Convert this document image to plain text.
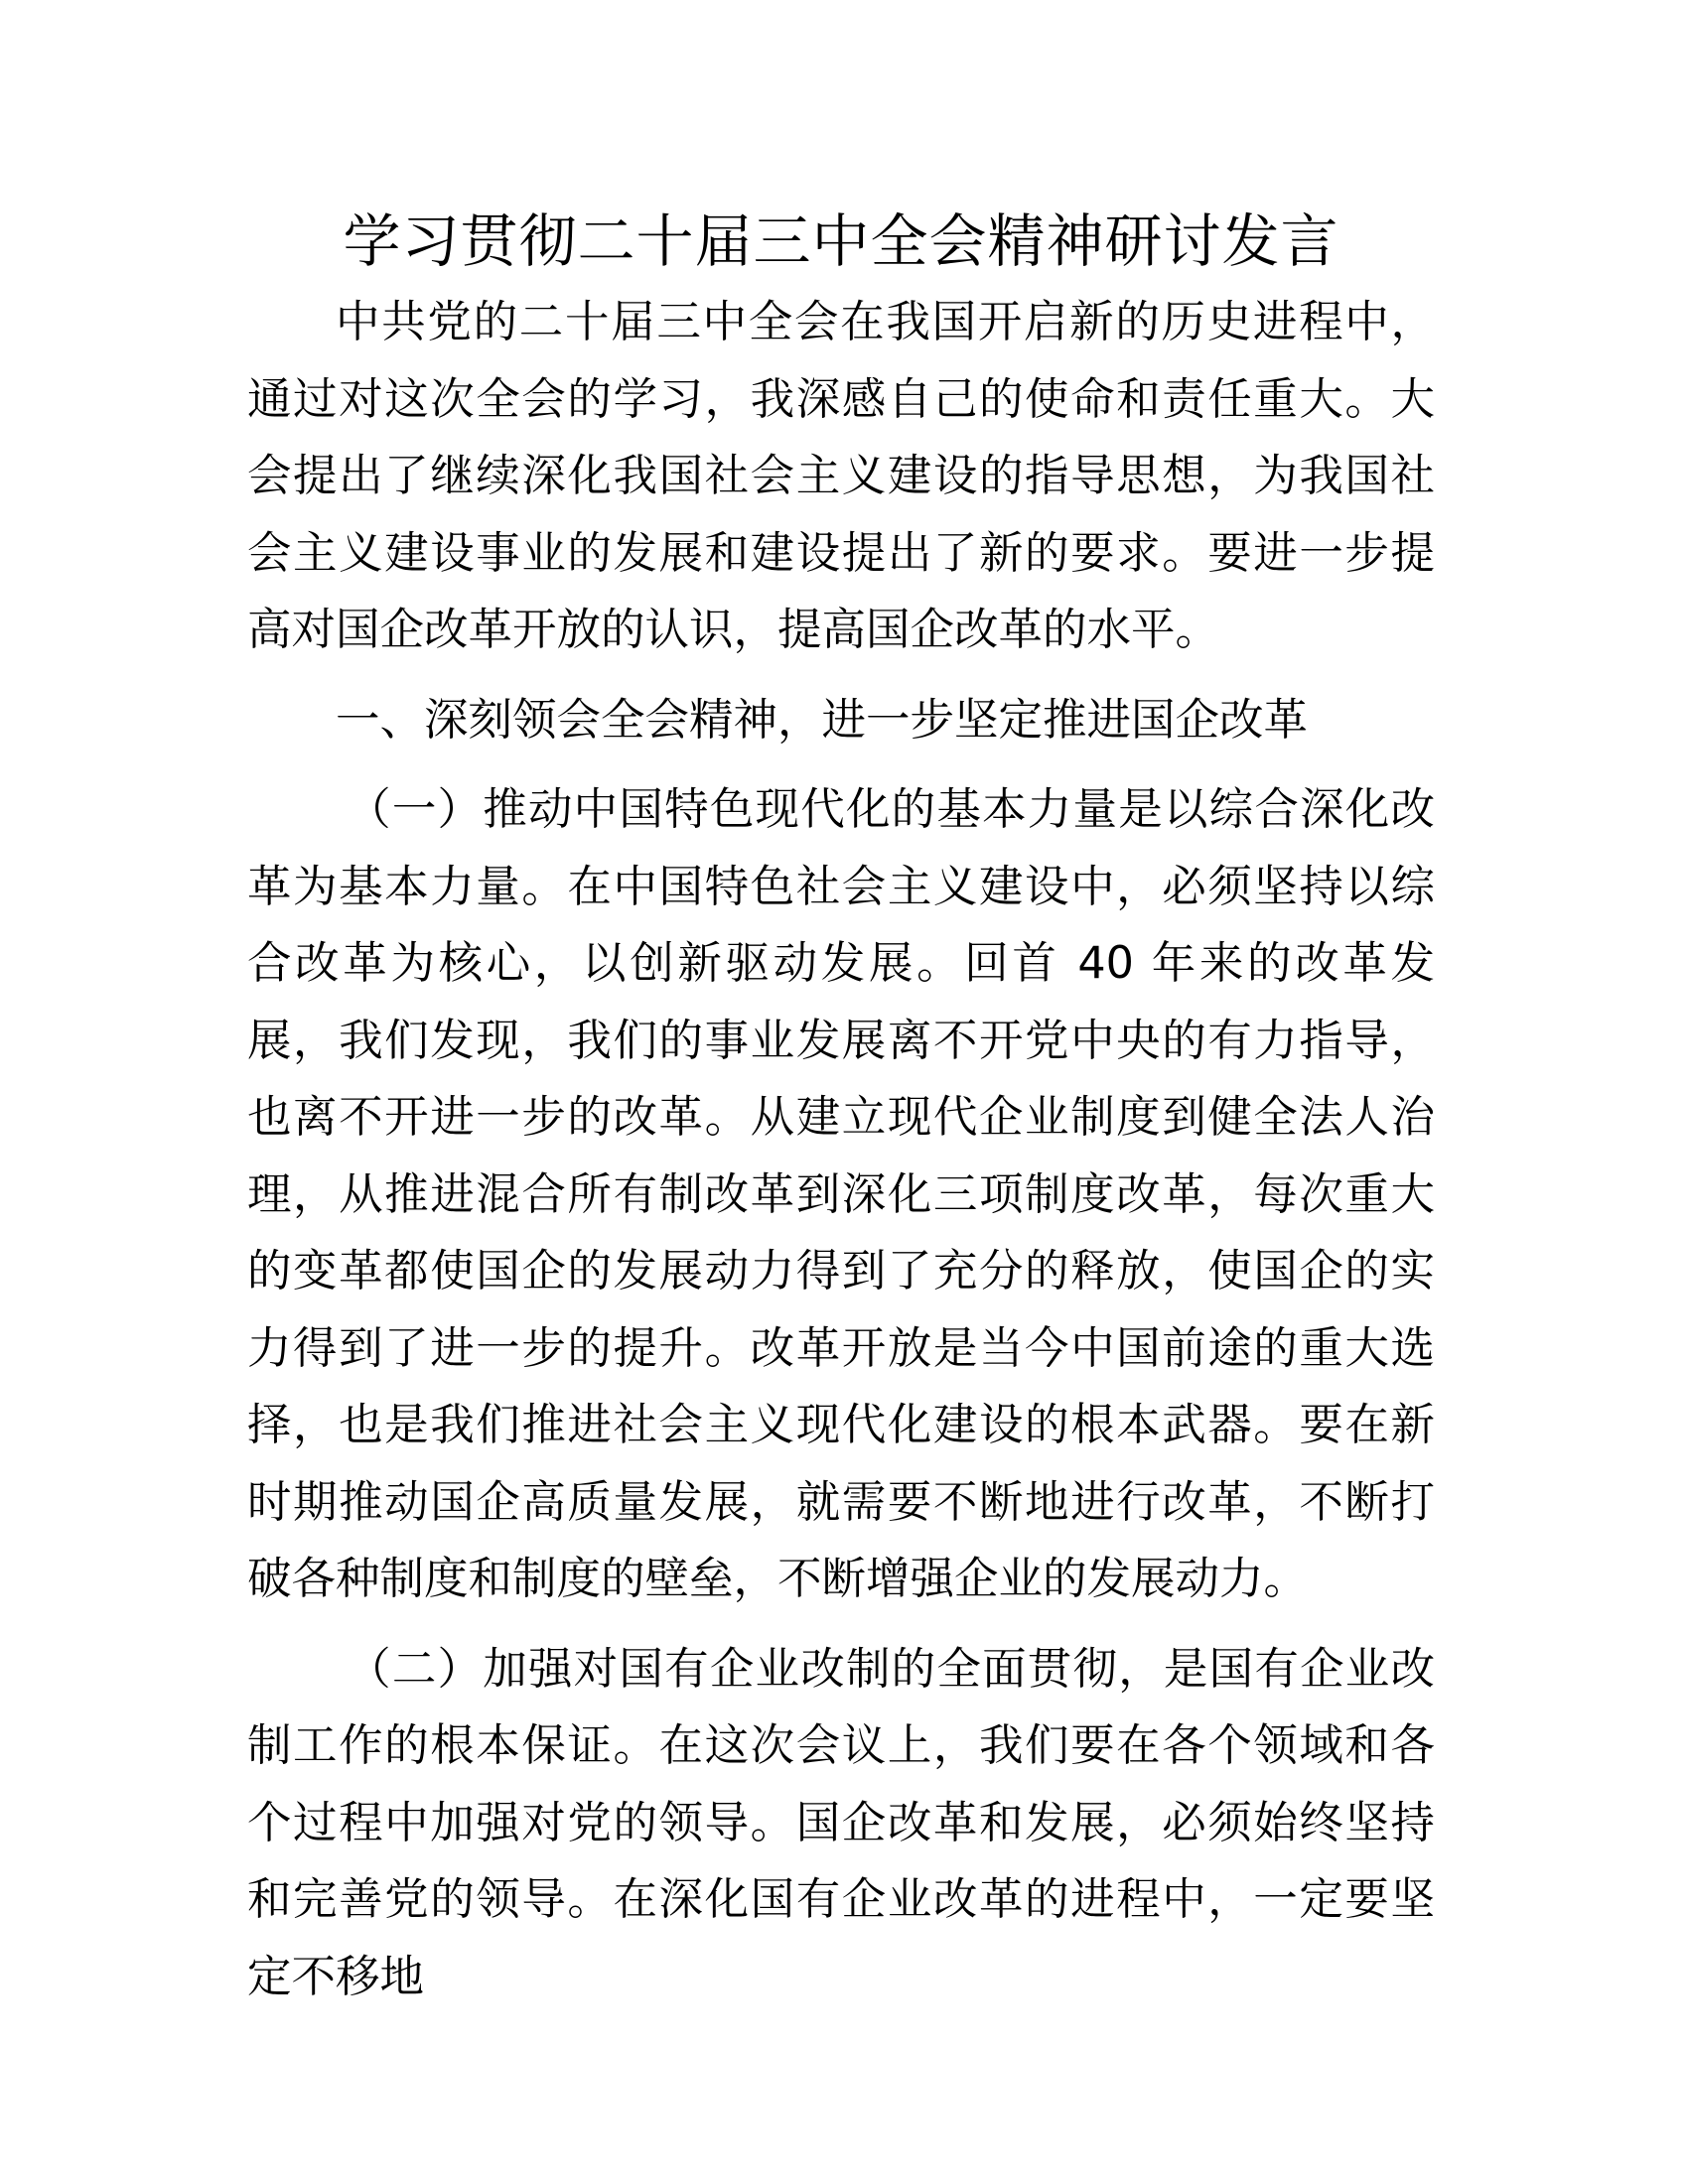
学习贯彻二十届三中全会精神研讨发言

中共党的二十届三中全会在我国开启新的历史进程中，通过对这次全会的学习，我深感自己的使命和责任重大。大会提出了继续深化我国社会主义建设的指导思想，为我国社会主义建设事业的发展和建设提出了新的要求。要进一步提高对国企改革开放的认识，提高国企改革的水平。

一、深刻领会全会精神，进一步坚定推进国企改革

（一）推动中国特色现代化的基本力量是以综合深化改革为基本力量。在中国特色社会主义建设中，必须坚持以综合改革为核心，以创新驱动发展。回首 40 年来的改革发展，我们发现，我们的事业发展离不开党中央的有力指导，也离不开进一步的改革。从建立现代企业制度到健全法人治理，从推进混合所有制改革到深化三项制度改革，每次重大的变革都使国企的发展动力得到了充分的释放，使国企的实力得到了进一步的提升。改革开放是当今中国前途的重大选择，也是我们推进社会主义现代化建设的根本武器。要在新时期推动国企高质量发展，就需要不断地进行改革，不断打破各种制度和制度的壁垒，不断增强企业的发展动力。

（二）加强对国有企业改制的全面贯彻，是国有企业改制工作的根本保证。在这次会议上，我们要在各个领域和各个过程中加强对党的领导。国企改革和发展，必须始终坚持和完善党的领导。在深化国有企业改革的进程中，一定要坚定不移地
